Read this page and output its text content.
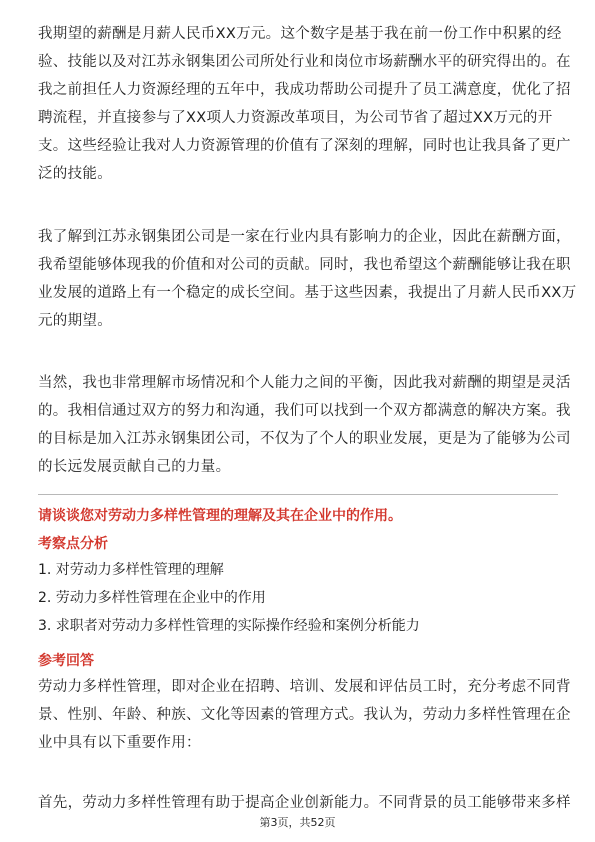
我期望的薪酬是月薪人民币XX万元。这个数字是基于我在前一份工作中积累的经
验、技能以及对江苏永钢集团公司所处行业和岗位市场薪酬水平的研究得出的。在
我之前担任人力资源经理的五年中，我成功帮助公司提升了员工满意度，优化了招
聘流程，并直接参与了XX项人力资源改革项目，为公司节省了超过XX万元的开
支。这些经验让我对人力资源管理的价值有了深刻的理解，同时也让我具备了更广
泛的技能。
我了解到江苏永钢集团公司是一家在行业内具有影响力的企业，因此在薪酬方面，
我希望能够体现我的价值和对公司的贡献。同时，我也希望这个薪酬能够让我在职
业发展的道路上有一个稳定的成长空间。基于这些因素，我提出了月薪人民币XX万
元的期望。
当然，我也非常理解市场情况和个人能力之间的平衡，因此我对薪酬的期望是灵活
的。我相信通过双方的努力和沟通，我们可以找到一个双方都满意的解决方案。我
的目标是加入江苏永钢集团公司，不仅为了个人的职业发展，更是为了能够为公司
的长远发展贡献自己的力量。

请谈谈您对劳动力多样性管理的理解及其在企业中的作用。

考察点分析

1. 对劳动力多样性管理的理解

2. 劳动力多样性管理在企业中的作用

3. 求职者对劳动力多样性管理的实际操作经验和案例分析能力

参考回答

劳动力多样性管理，即对企业在招聘、培训、发展和评估员工时，充分考虑不同背
景、性别、年龄、种族、文化等因素的管理方式。我认为，劳动力多样性管理在企
业中具有以下重要作用：
首先，劳动力多样性管理有助于提高企业创新能力。不同背景的员工能够带来多样
第3页，共52页
